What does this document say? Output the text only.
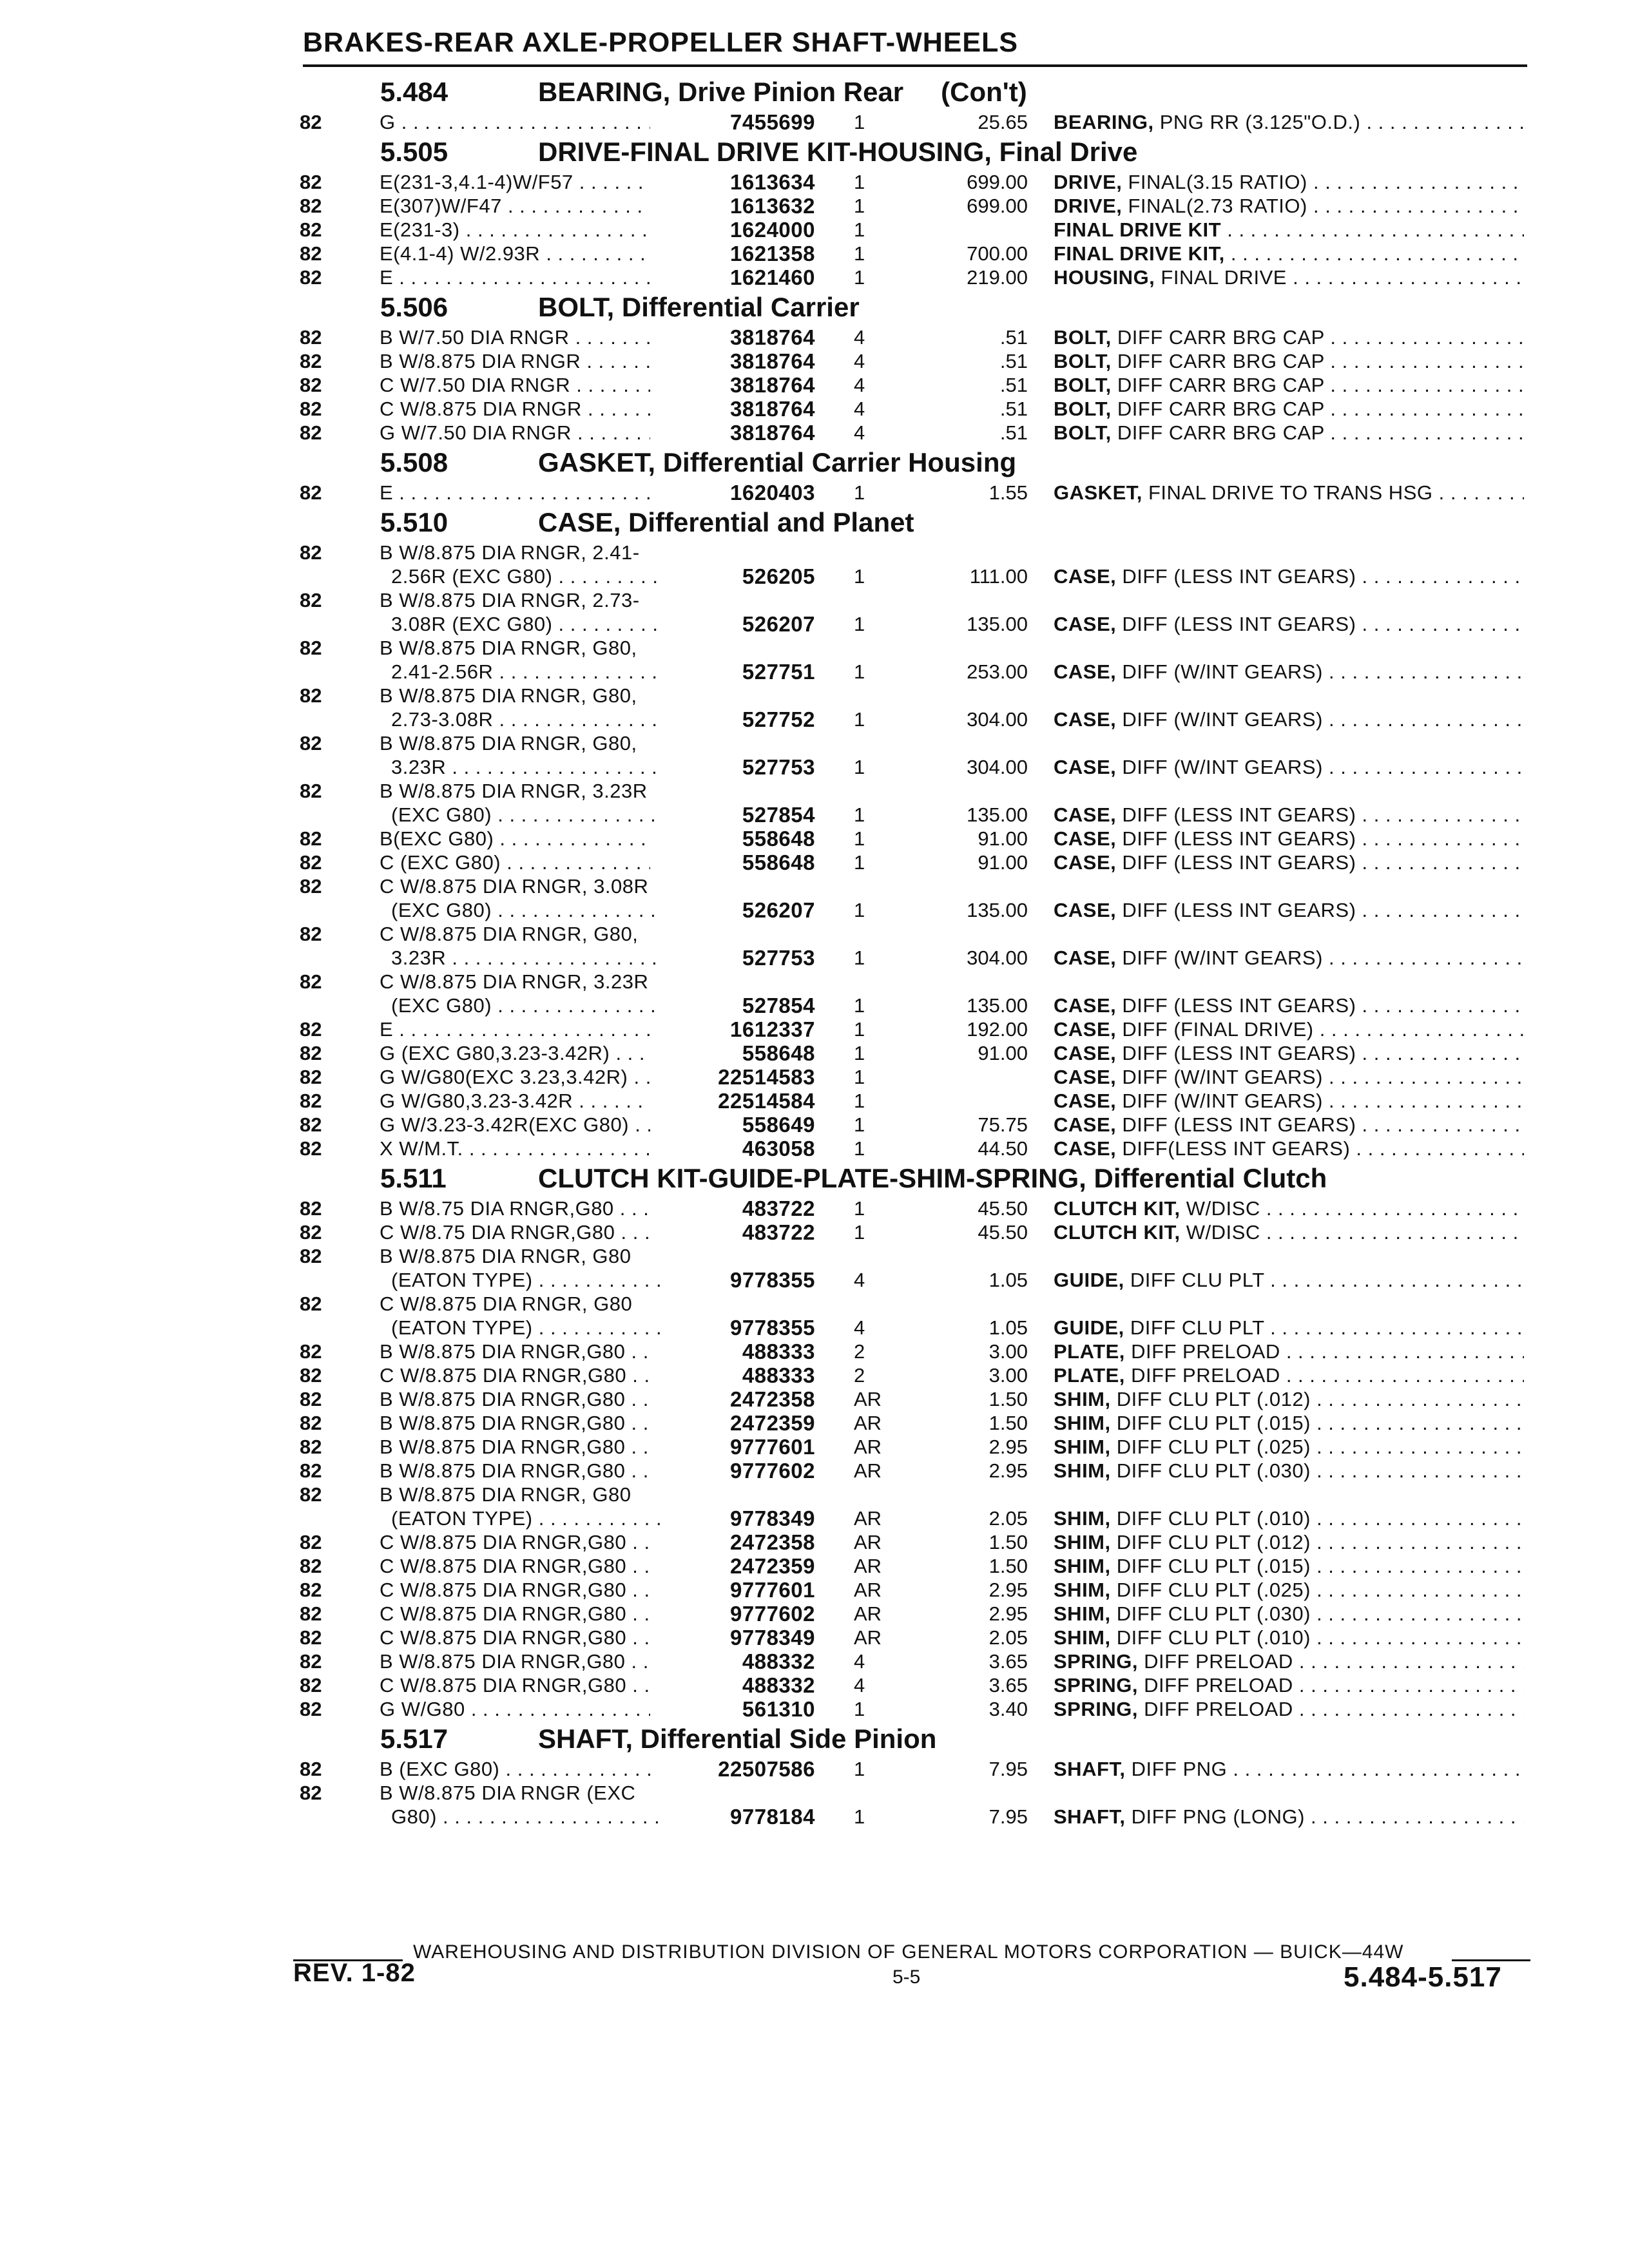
BRAKES-REAR AXLE-PROPELLER SHAFT-WHEELS
5.484	BEARING, Drive Pinion Rear (Con't)
82	G . . .	7455699 1	25.65 BEARING, PNG RR (3.125"O.D.) . . .
5.505	DRIVE-FINAL DRIVE KIT-HOUSING, Final Drive
82	E(231-3,4.1-4)W/F57 . . .	1613634 1	699.00 DRIVE, FINAL(3.15 RATIO) . . .
82	E(307)W/F47 . . .	1613632 1	699.00 DRIVE, FINAL(2.73 RATIO) . . .
82	E(231-3) . . .	1624000 1	FINAL DRIVE KIT . . .
82	E(4.1-4) W/2.93R . . .	1621358 1	700.00 FINAL DRIVE KIT, . . .
82	E . . .	1621460 1	219.00 HOUSING, FINAL DRIVE . . .
5.506	BOLT, Differential Carrier
82	B W/7.50 DIA RNGR . . .	3818764 4	.51 BOLT, DIFF CARR BRG CAP . . .
82	B W/8.875 DIA RNGR . . .	3818764 4	.51 BOLT, DIFF CARR BRG CAP . . .
82	C W/7.50 DIA RNGR . . .	3818764 4	.51 BOLT, DIFF CARR BRG CAP . . .
82	C W/8.875 DIA RNGR . . .	3818764 4	.51 BOLT, DIFF CARR BRG CAP . . .
82	G W/7.50 DIA RNGR . . .	3818764 4	.51 BOLT, DIFF CARR BRG CAP . . .
5.508	GASKET, Differential Carrier Housing
82	E . . .	1620403 1	1.55 GASKET, FINAL DRIVE TO TRANS HSG . . .
5.510	CASE, Differential and Planet
82	B W/8.875 DIA RNGR, 2.41-
2.56R (EXC G80) . . .	526205 1	111.00 CASE, DIFF (LESS INT GEARS) . . .
82	B W/8.875 DIA RNGR, 2.73-
3.08R (EXC G80) . . .	526207 1	135.00 CASE, DIFF (LESS INT GEARS) . . .
82	B W/8.875 DIA RNGR, G80,
2.41-2.56R . . .	527751 1	253.00 CASE, DIFF (W/INT GEARS) . . .
82	B W/8.875 DIA RNGR, G80,
2.73-3.08R . . .	527752 1	304.00 CASE, DIFF (W/INT GEARS) . . .
82	B W/8.875 DIA RNGR, G80,
3.23R . . .	527753 1	304.00 CASE, DIFF (W/INT GEARS) . . .
82	B W/8.875 DIA RNGR, 3.23R
(EXC G80) . . .	527854 1	135.00 CASE, DIFF (LESS INT GEARS) . . .
82	B(EXC G80) . . .	558648 1	91.00 CASE, DIFF (LESS INT GEARS) . . .
82	C (EXC G80) . . .	558648 1	91.00 CASE, DIFF (LESS INT GEARS) . . .
82	C W/8.875 DIA RNGR, 3.08R
(EXC G80) . . .	526207 1	135.00 CASE, DIFF (LESS INT GEARS) . . .
82	C W/8.875 DIA RNGR, G80,
3.23R . . .	527753 1	304.00 CASE, DIFF (W/INT GEARS) . . .
82	C W/8.875 DIA RNGR, 3.23R
(EXC G80) . . .	527854 1	135.00 CASE, DIFF (LESS INT GEARS) . . .
82	E . . .	1612337 1	192.00 CASE, DIFF (FINAL DRIVE) . . .
82	G (EXC G80,3.23-3.42R) . . .	558648 1	91.00 CASE, DIFF (LESS INT GEARS) . . .
82	G W/G80(EXC 3.23,3.42R) . . .	22514583 1	CASE, DIFF (W/INT GEARS) . . .
82	G W/G80,3.23-3.42R . . .	22514584 1	CASE, DIFF (W/INT GEARS) . . .
82	G W/3.23-3.42R(EXC G80) . . .	558649 1	75.75 CASE, DIFF (LESS INT GEARS) . . .
82	X W/M.T. . . .	463058 1	44.50 CASE, DIFF(LESS INT GEARS) . . .
5.511	CLUTCH KIT-GUIDE-PLATE-SHIM-SPRING, Differential Clutch
82	B W/8.75 DIA RNGR,G80 . . .	483722 1	45.50 CLUTCH KIT, W/DISC . . .
82	C W/8.75 DIA RNGR,G80 . . .	483722 1	45.50 CLUTCH KIT, W/DISC . . .
82	B W/8.875 DIA RNGR, G80
(EATON TYPE) . . .	9778355 4	1.05 GUIDE, DIFF CLU PLT . . .
82	C W/8.875 DIA RNGR, G80
(EATON TYPE) . . .	9778355 4	1.05 GUIDE, DIFF CLU PLT . . .
82	B W/8.875 DIA RNGR,G80 . . .	488333 2	3.00 PLATE, DIFF PRELOAD . . .
82	C W/8.875 DIA RNGR,G80 . . .	488333 2	3.00 PLATE, DIFF PRELOAD . . .
82	B W/8.875 DIA RNGR,G80 . . .	2472358 AR	1.50 SHIM, DIFF CLU PLT (.012) . . .
82	B W/8.875 DIA RNGR,G80 . . .	2472359 AR	1.50 SHIM, DIFF CLU PLT (.015) . . .
82	B W/8.875 DIA RNGR,G80 . . .	9777601 AR	2.95 SHIM, DIFF CLU PLT (.025) . . .
82	B W/8.875 DIA RNGR,G80 . . .	9777602 AR	2.95 SHIM, DIFF CLU PLT (.030) . . .
82	B W/8.875 DIA RNGR, G80
(EATON TYPE) . . .	9778349 AR	2.05 SHIM, DIFF CLU PLT (.010) . . .
82	C W/8.875 DIA RNGR,G80 . . .	2472358 AR	1.50 SHIM, DIFF CLU PLT (.012) . . .
82	C W/8.875 DIA RNGR,G80 . . .	2472359 AR	1.50 SHIM, DIFF CLU PLT (.015) . . .
82	C W/8.875 DIA RNGR,G80 . . .	9777601 AR	2.95 SHIM, DIFF CLU PLT (.025) . . .
82	C W/8.875 DIA RNGR,G80 . . .	9777602 AR	2.95 SHIM, DIFF CLU PLT (.030) . . .
82	C W/8.875 DIA RNGR,G80 . . .	9778349 AR	2.05 SHIM, DIFF CLU PLT (.010) . . .
82	B W/8.875 DIA RNGR,G80 . . .	488332 4	3.65 SPRING, DIFF PRELOAD . . .
82	C W/8.875 DIA RNGR,G80 . . .	488332 4	3.65 SPRING, DIFF PRELOAD . . .
82	G W/G80 . . .	561310 1	3.40 SPRING, DIFF PRELOAD . . .
5.517	SHAFT, Differential Side Pinion
82	B (EXC G80) . . .	22507586 1	7.95 SHAFT, DIFF PNG . . .
82	B W/8.875 DIA RNGR (EXC
G80) . . .	9778184 1	7.95 SHAFT, DIFF PNG (LONG) . . .
WAREHOUSING AND DISTRIBUTION DIVISION OF GENERAL MOTORS CORPORATION — BUICK—44W
REV. 1-82	5-5	5.484-5.517
